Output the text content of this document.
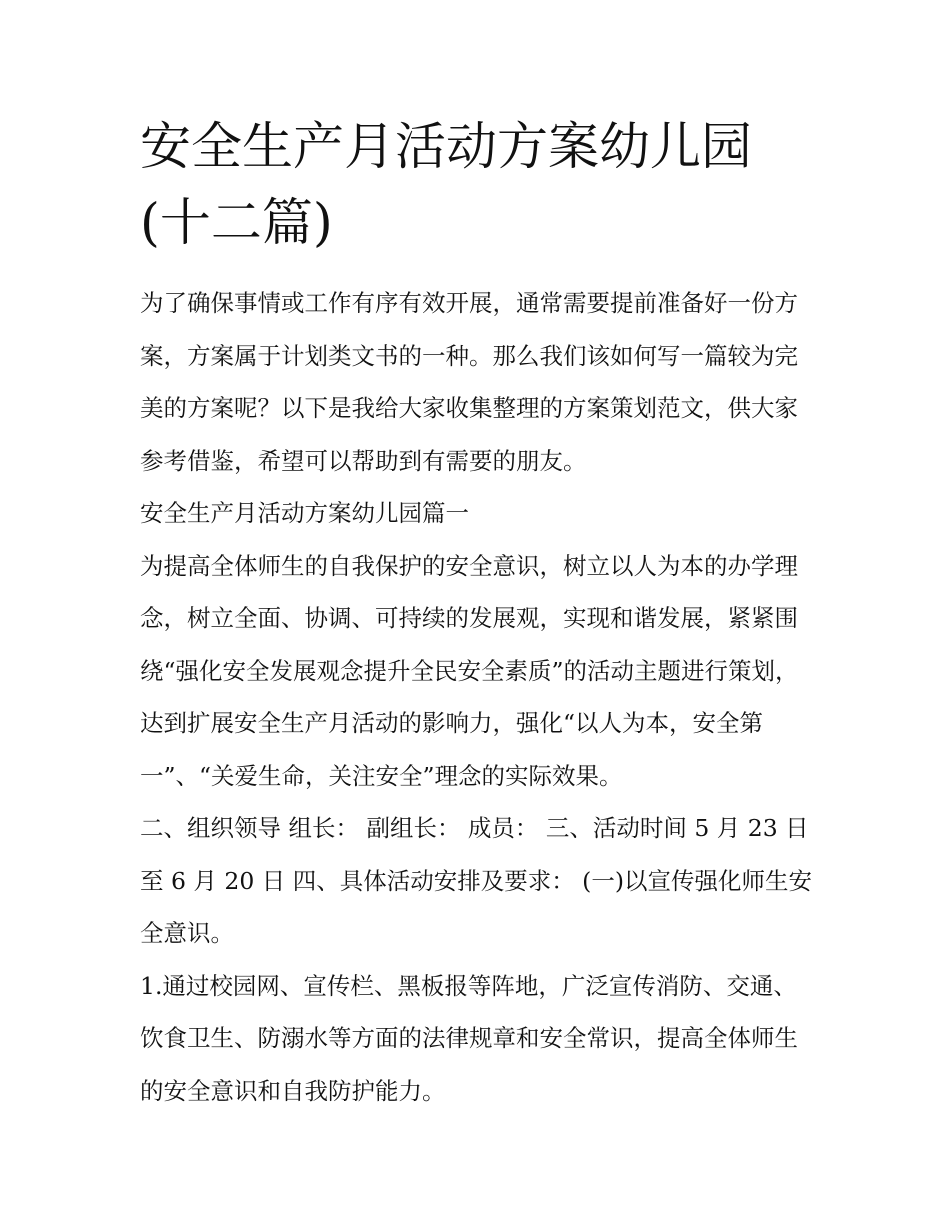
安全生产月活动方案幼儿园(十二篇)

为了确保事情或工作有序有效开展，通常需要提前准备好一份方案，方案属于计划类文书的一种。那么我们该如何写一篇较为完美的方案呢？以下是我给大家收集整理的方案策划范文，供大家参考借鉴，希望可以帮助到有需要的朋友。

安全生产月活动方案幼儿园篇一

为提高全体师生的自我保护的安全意识，树立以人为本的办学理念，树立全面、协调、可持续的发展观，实现和谐发展，紧紧围绕“强化安全发展观念提升全民安全素质”的活动主题进行策划，达到扩展安全生产月活动的影响力，强化“以人为本，安全第一”、“关爱生命，关注安全”理念的实际效果。

二、组织领导 组长： 副组长： 成员： 三、活动时间 5 月 23 日至 6 月 20 日 四、具体活动安排及要求： (一)以宣传强化师生安全意识。

1.通过校园网、宣传栏、黑板报等阵地，广泛宣传消防、交通、饮食卫生、防溺水等方面的法律规章和安全常识，提高全体师生的安全意识和自我防护能力。
